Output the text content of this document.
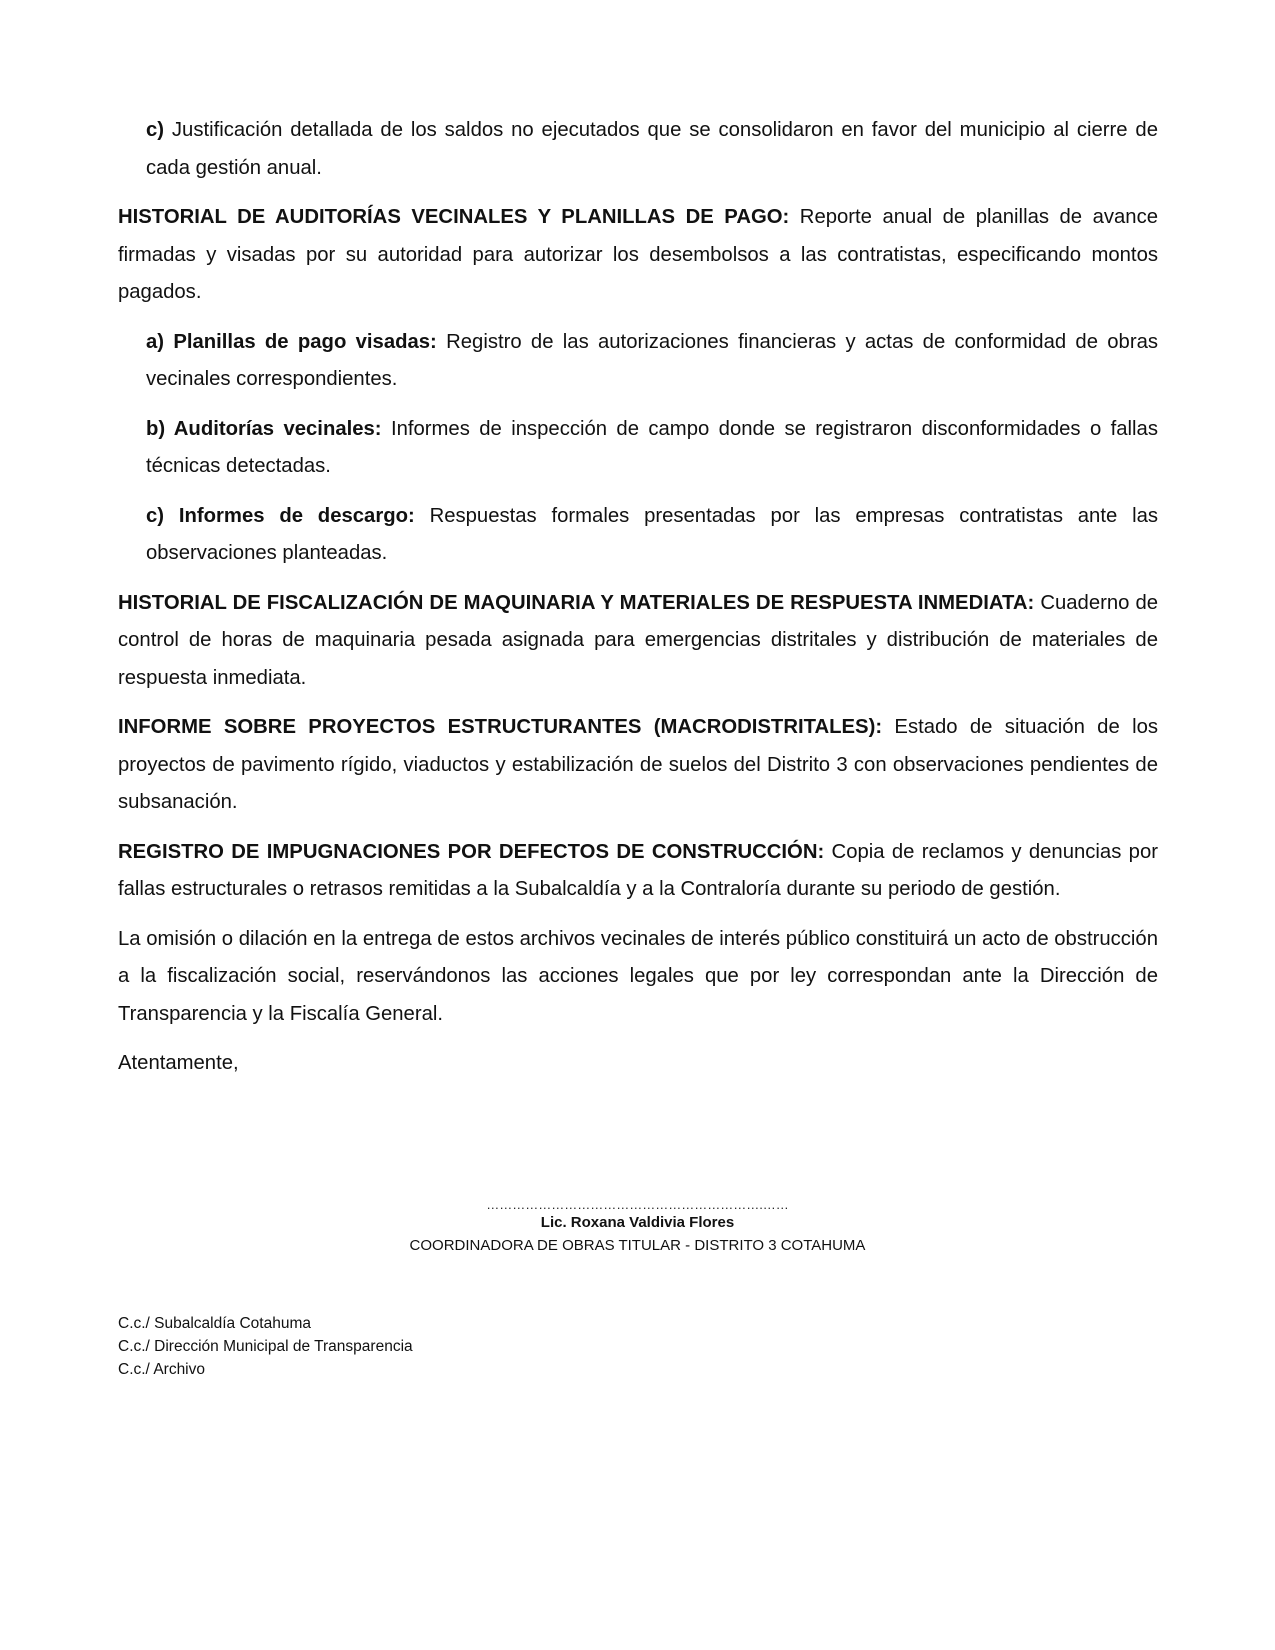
c) Justificación detallada de los saldos no ejecutados que se consolidaron en favor del municipio al cierre de cada gestión anual.

HISTORIAL DE AUDITORÍAS VECINALES Y PLANILLAS DE PAGO: Reporte anual de planillas de avance firmadas y visadas por su autoridad para autorizar los desembolsos a las contratistas, especificando montos pagados.

a) Planillas de pago visadas: Registro de las autorizaciones financieras y actas de conformidad de obras vecinales correspondientes.

b) Auditorías vecinales: Informes de inspección de campo donde se registraron disconformidades o fallas técnicas detectadas.

c) Informes de descargo: Respuestas formales presentadas por las empresas contratistas ante las observaciones planteadas.

HISTORIAL DE FISCALIZACIÓN DE MAQUINARIA Y MATERIALES DE RESPUESTA INMEDIATA: Cuaderno de control de horas de maquinaria pesada asignada para emergencias distritales y distribución de materiales de respuesta inmediata.

INFORME SOBRE PROYECTOS ESTRUCTURANTES (MACRODISTRITALES): Estado de situación de los proyectos de pavimento rígido, viaductos y estabilización de suelos del Distrito 3 con observaciones pendientes de subsanación.

REGISTRO DE IMPUGNACIONES POR DEFECTOS DE CONSTRUCCIÓN: Copia de reclamos y denuncias por fallas estructurales o retrasos remitidas a la Subalcaldía y a la Contraloría durante su periodo de gestión.

La omisión o dilación en la entrega de estos archivos vecinales de interés público constituirá un acto de obstrucción a la fiscalización social, reservándonos las acciones legales que por ley correspondan ante la Dirección de Transparencia y la Fiscalía General.

Atentamente,

……………………………………………………….……
Lic. Roxana Valdivia Flores
COORDINADORA DE OBRAS TITULAR - DISTRITO 3 COTAHUMA
C.c./ Subalcaldía Cotahuma
C.c./ Dirección Municipal de Transparencia
C.c./ Archivo
